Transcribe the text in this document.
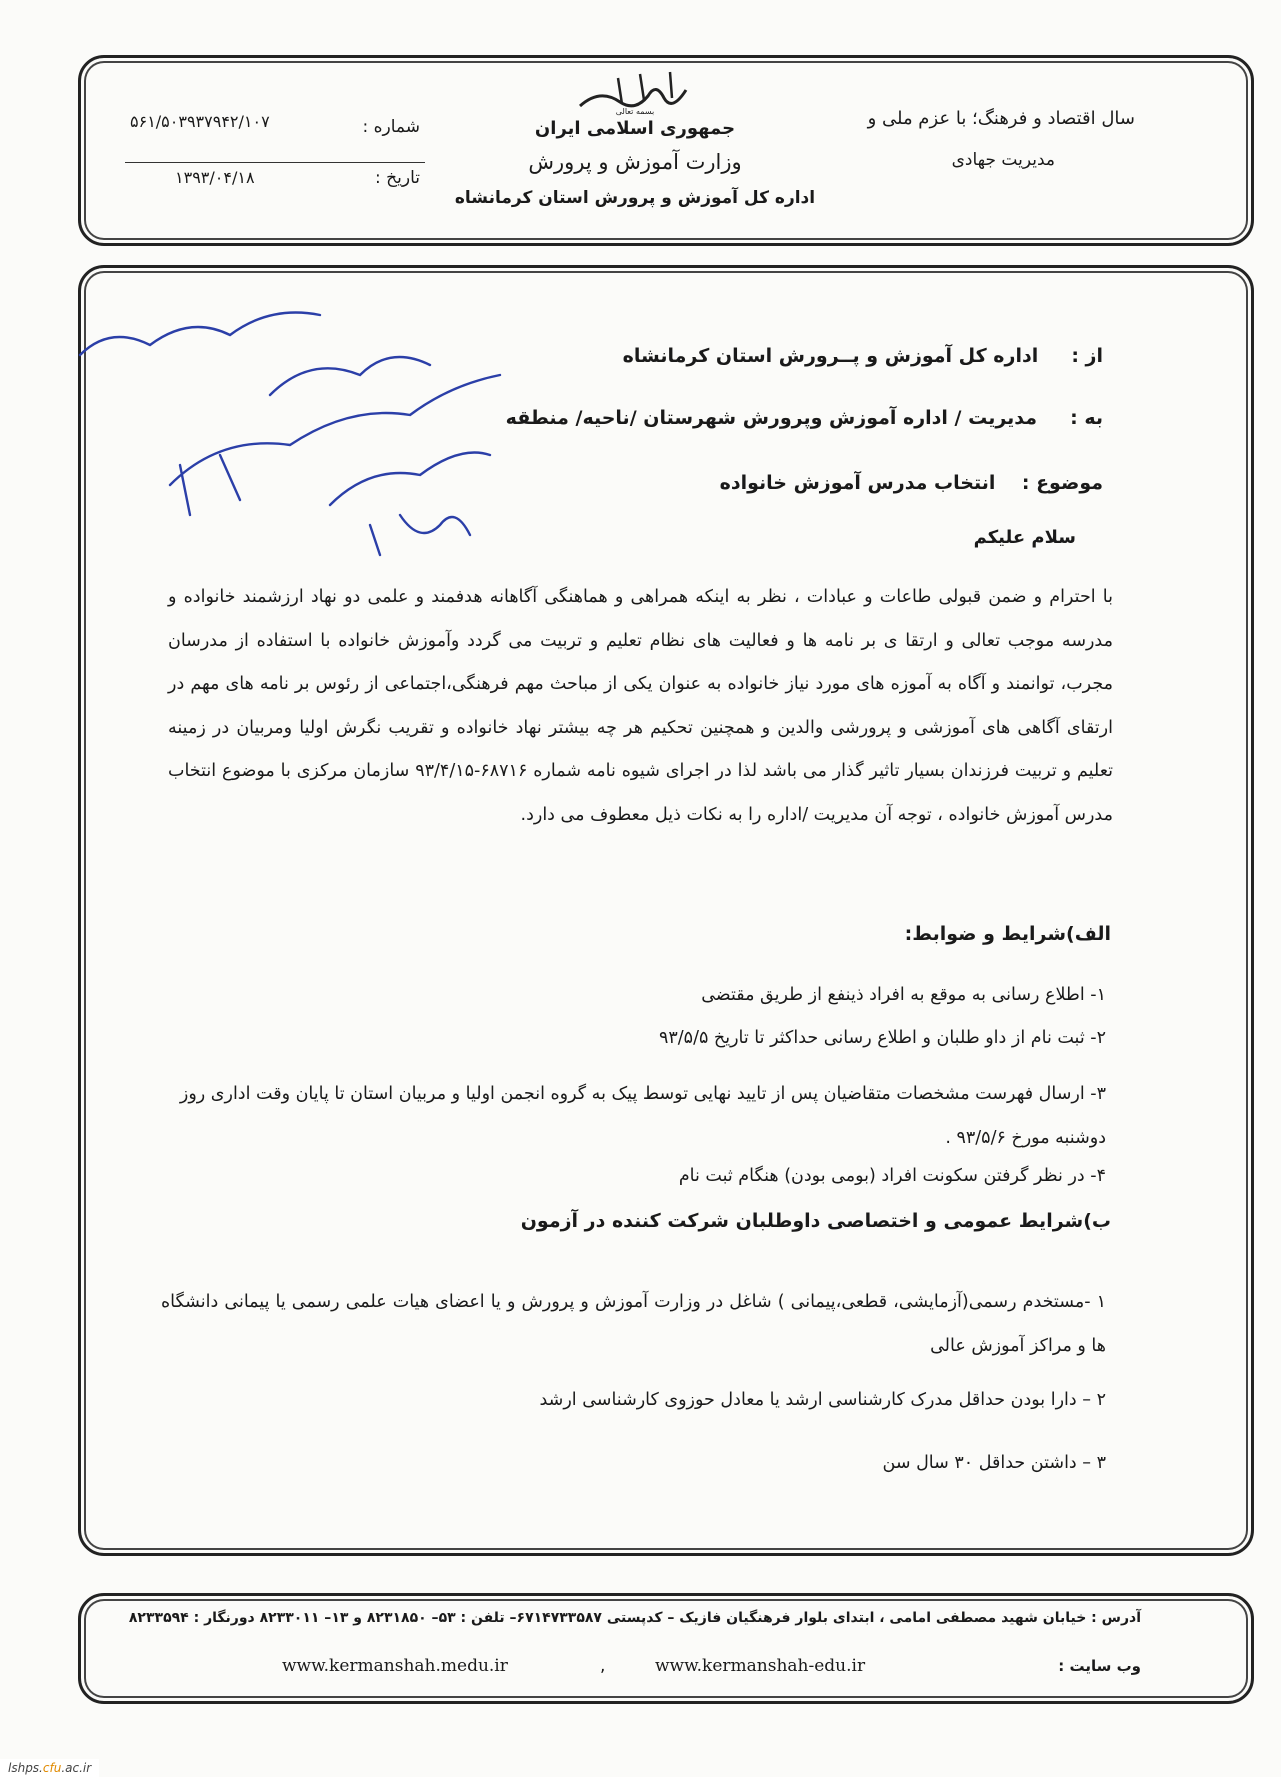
بسمه تعالی
جمهوری اسلامی ایران
وزارت آموزش و پرورش
اداره کل آموزش و پرورش استان کرمانشاه
سال اقتصاد و فرهنگ؛ با عزم ملی و
مدیریت جهادی
شماره :
۵۶۱/۵۰۳۹۳۷۹۴۲/۱۰۷
تاریخ :
۱۳۹۳/۰۴/۱۸
از :     اداره کل آموزش و پــرورش استان کرمانشاه
به :     مدیریت / اداره آموزش وپرورش شهرستان /ناحیه/ منطقه
موضوع :    انتخاب مدرس آموزش خانواده
سلام علیکم
با احترام و ضمن قبولی طاعات و عبادات ، نظر به اینکه همراهی و هماهنگی آگاهانه هدفمند و علمی دو نهاد ارزشمند خانواده و مدرسه موجب تعالی و ارتقا ی بر نامه ها و فعالیت های نظام تعلیم و تربیت می گردد وآموزش خانواده با استفاده از مدرسان مجرب، توانمند و آگاه به آموزه های مورد نیاز خانواده به عنوان یکی از مباحث مهم فرهنگی،اجتماعی از رئوس بر نامه های مهم در ارتقای آگاهی های آموزشی و پرورشی والدین و همچنین تحکیم هر چه بیشتر نهاد خانواده و تقریب نگرش اولیا ومربیان در زمینه تعلیم و تربیت فرزندان بسیار تاثیر گذار می باشد لذا در اجرای شیوه نامه شماره ۶۸۷۱۶-۹۳/۴/۱۵ سازمان مرکزی با موضوع انتخاب مدرس آموزش خانواده ، توجه آن مدیریت /اداره را به نکات ذیل معطوف می دارد.
الف)شرایط و ضوابط:
۱- اطلاع رسانی به موقع به افراد ذینفع از طریق مقتضی
۲- ثبت نام از داو طلبان و اطلاع رسانی حداکثر تا تاریخ ۹۳/۵/۵
۳- ارسال فهرست مشخصات متقاضیان پس از تایید نهایی توسط پیک به گروه انجمن اولیا و مربیان استان تا پایان وقت اداری روز دوشنبه مورخ ۹۳/۵/۶ .
۴- در نظر گرفتن سکونت افراد (بومی بودن) هنگام ثبت نام
ب)شرایط عمومی و اختصاصی داوطلبان شرکت کننده در آزمون
۱ -مستخدم رسمی(آزمایشی، قطعی،پیمانی ) شاغل در وزارت آموزش و پرورش و یا اعضای هیات علمی رسمی یا پیمانی دانشگاه ها و مراکز آموزش عالی
۲ – دارا بودن حداقل مدرک کارشناسی ارشد یا معادل حوزوی کارشناسی ارشد
۳ – داشتن حداقل ۳۰ سال سن
آدرس : خیابان شهید مصطفی امامی ، ابتدای بلوار فرهنگیان فازیک – کدپستی ۶۷۱۴۷۳۳۵۸۷– تلفن : ۵۳– ۸۲۳۱۸۵۰ و ۱۳– ۸۲۳۳۰۱۱ دورنگار : ۸۲۳۳۵۹۴
وب سایت :
www.kermanshah-edu.ir
,
www.kermanshah.medu.ir
lshps.cfu.ac.ir
